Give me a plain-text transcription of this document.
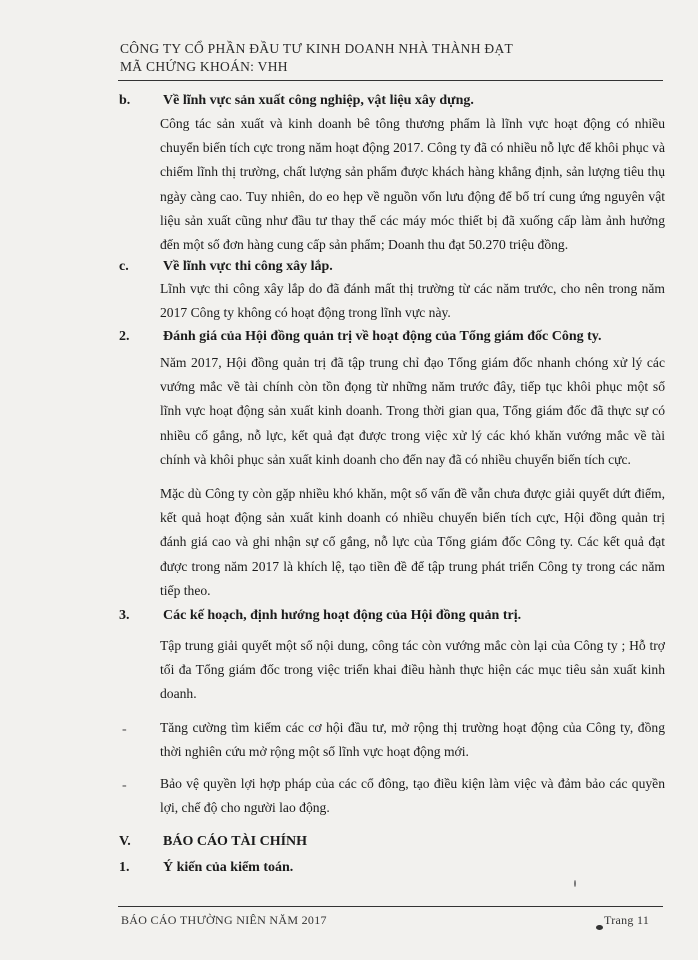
CÔNG TY CỔ PHẦN ĐẦU TƯ KINH DOANH NHÀ THÀNH ĐẠT
MÃ CHỨNG KHOÁN: VHH
b. Về lĩnh vực sản xuất công nghiệp, vật liệu xây dựng.
Công tác sản xuất và kinh doanh bê tông thương phẩm là lĩnh vực hoạt động có nhiều chuyển biến tích cực trong năm hoạt động 2017. Công ty đã có nhiều nỗ lực để khôi phục và chiếm lĩnh thị trường, chất lượng sản phẩm được khách hàng khẳng định, sản lượng tiêu thụ ngày càng cao. Tuy nhiên, do eo hẹp về nguồn vốn lưu động để bố trí cung ứng nguyên vật liệu sản xuất cũng như đầu tư thay thế các máy móc thiết bị đã xuống cấp làm ảnh hưởng đến một số đơn hàng cung cấp sản phẩm; Doanh thu đạt 50.270 triệu đồng.
c. Về lĩnh vực thi công xây lắp.
Lĩnh vực thi công xây lắp do đã đánh mất thị trường từ các năm trước, cho nên trong năm 2017 Công ty không có hoạt động trong lĩnh vực này.
2. Đánh giá của Hội đồng quản trị về hoạt động của Tổng giám đốc Công ty.
Năm 2017, Hội đồng quản trị đã tập trung chỉ đạo Tổng giám đốc nhanh chóng xử lý các vướng mắc về tài chính còn tồn đọng từ những năm trước đây, tiếp tục khôi phục một số lĩnh vực hoạt động sản xuất kinh doanh. Trong thời gian qua, Tổng giám đốc đã thực sự có nhiều cố gắng, nỗ lực, kết quả đạt được trong việc xử lý các khó khăn vướng mắc về tài chính và khôi phục sản xuất kinh doanh cho đến nay đã có nhiều chuyển biến tích cực.
Mặc dù Công ty còn gặp nhiều khó khăn, một số vấn đề vẫn chưa được giải quyết dứt điểm, kết quả hoạt động sản xuất kinh doanh có nhiều chuyển biến tích cực, Hội đồng quản trị đánh giá cao và ghi nhận sự cố gắng, nỗ lực của Tổng giám đốc Công ty. Các kết quả đạt được trong năm 2017 là khích lệ, tạo tiền đề để tập trung phát triển Công ty trong các năm tiếp theo.
3. Các kế hoạch, định hướng hoạt động của Hội đồng quản trị.
Tập trung giải quyết một số nội dung, công tác còn vướng mắc còn lại của Công ty ; Hỗ trợ tối đa Tổng giám đốc trong việc triển khai điều hành thực hiện các mục tiêu sản xuất kinh doanh.
- Tăng cường tìm kiếm các cơ hội đầu tư, mở rộng thị trường hoạt động của Công ty, đồng thời nghiên cứu mở rộng một số lĩnh vực hoạt động mới.
- Bảo vệ quyền lợi hợp pháp của các cổ đông, tạo điều kiện làm việc và đảm bảo các quyền lợi, chế độ cho người lao động.
V. BÁO CÁO TÀI CHÍNH
1. Ý kiến của kiểm toán.
BÁO CÁO THƯỜNG NIÊN NĂM 2017	Trang 11
